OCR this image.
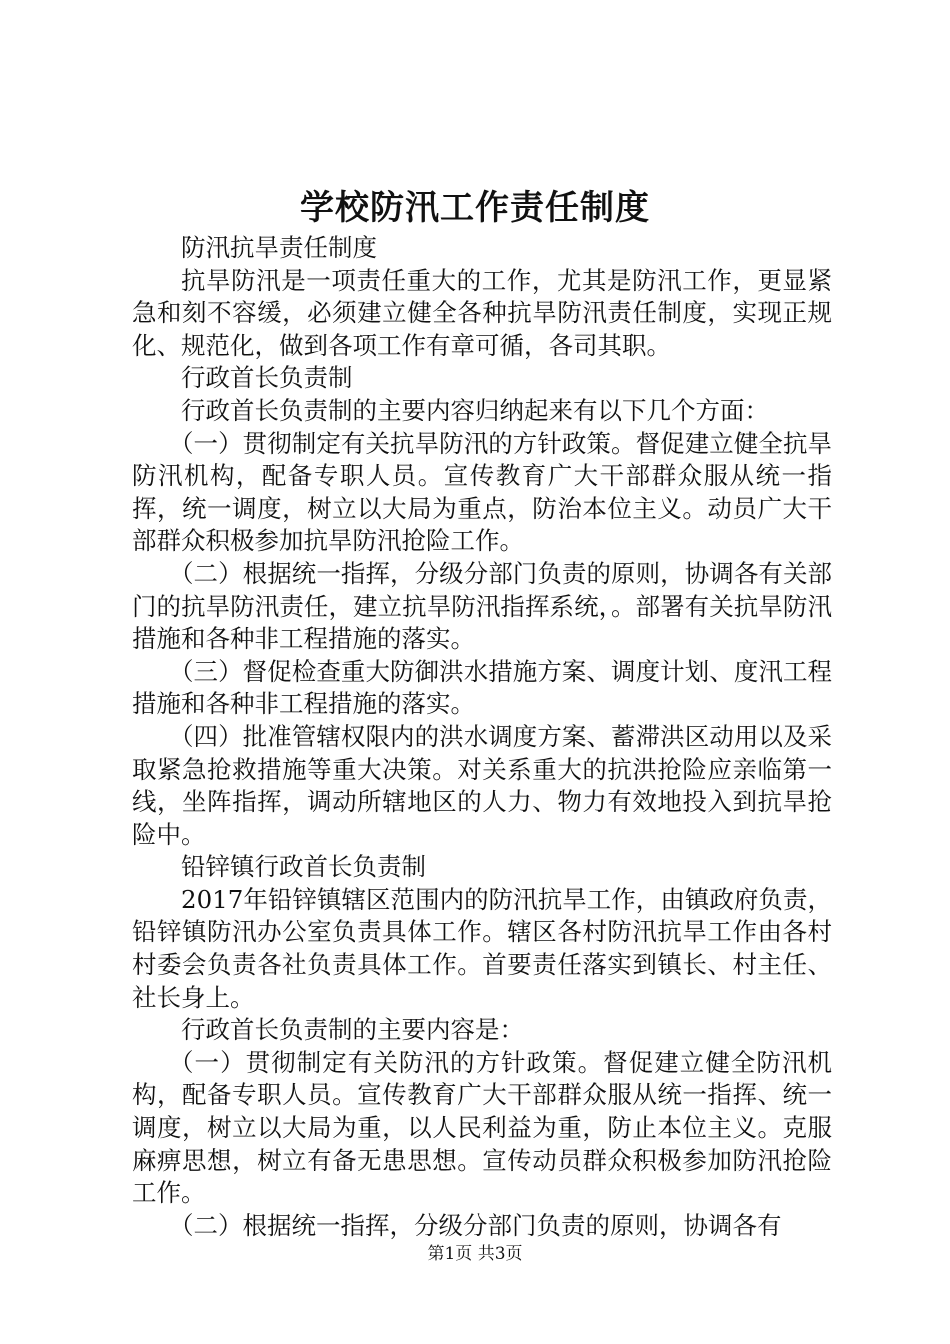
学校防汛工作责任制度

防汛抗旱责任制度

抗旱防汛是一项责任重大的工作，尤其是防汛工作，更显紧急和刻不容缓，必须建立健全各种抗旱防汛责任制度，实现正规化、规范化，做到各项工作有章可循，各司其职。

行政首长负责制

行政首长负责制的主要内容归纳起来有以下几个方面：

（一）贯彻制定有关抗旱防汛的方针政策。督促建立健全抗旱防汛机构，配备专职人员。宣传教育广大干部群众服从统一指挥，统一调度，树立以大局为重点，防治本位主义。动员广大干部群众积极参加抗旱防汛抢险工作。

（二）根据统一指挥，分级分部门负责的原则，协调各有关部门的抗旱防汛责任，建立抗旱防汛指挥系统，。部署有关抗旱防汛措施和各种非工程措施的落实。

（三）督促检查重大防御洪水措施方案、调度计划、度汛工程措施和各种非工程措施的落实。

（四）批准管辖权限内的洪水调度方案、蓄滞洪区动用以及采取紧急抢救措施等重大决策。对关系重大的抗洪抢险应亲临第一线，坐阵指挥，调动所辖地区的人力、物力有效地投入到抗旱抢险中。

铅锌镇行政首长负责制

2017年铅锌镇辖区范围内的防汛抗旱工作，由镇政府负责，铅锌镇防汛办公室负责具体工作。辖区各村防汛抗旱工作由各村村委会负责各社负责具体工作。首要责任落实到镇长、村主任、社长身上。

行政首长负责制的主要内容是：

（一）贯彻制定有关防汛的方针政策。督促建立健全防汛机构，配备专职人员。宣传教育广大干部群众服从统一指挥、统一调度，树立以大局为重，以人民利益为重，防止本位主义。克服麻痹思想，树立有备无患思想。宣传动员群众积极参加防汛抢险工作。

（二）根据统一指挥，分级分部门负责的原则，协调各有

第1页 共3页
